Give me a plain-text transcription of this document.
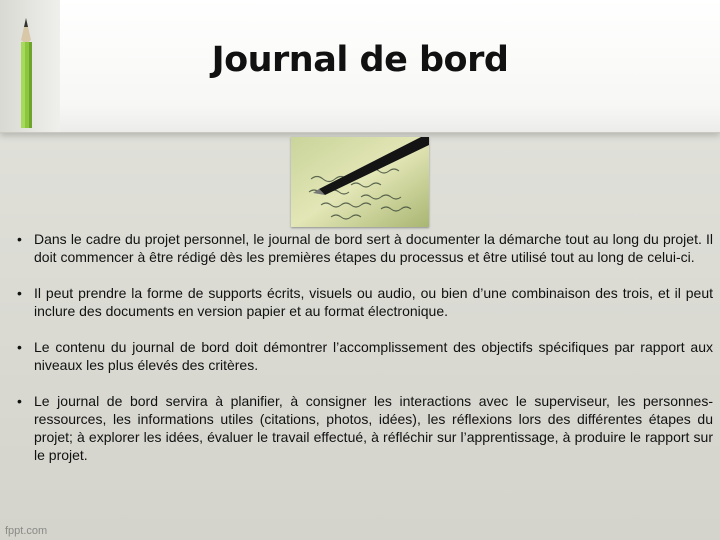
Journal de bord
• Dans le cadre du projet personnel, le journal de bord sert à documenter la démarche tout au long du projet. Il doit commencer à être rédigé dès les premières étapes du processus et être utilisé tout au long de celui-ci.
• Il peut prendre la forme de supports écrits, visuels ou audio, ou bien d’une combinaison des trois, et il peut inclure des documents en version papier et au format électronique.
• Le contenu du journal de bord doit démontrer l’accomplissement des objectifs spécifiques par rapport aux niveaux les plus élevés des critères.
• Le journal de bord servira à planifier, à consigner les interactions avec le superviseur, les personnes-ressources, les informations utiles (citations, photos, idées), les réflexions lors des différentes étapes du projet; à explorer les idées, évaluer le travail effectué, à réfléchir sur l’apprentissage, à produire le rapport sur le projet.
fppt.com
